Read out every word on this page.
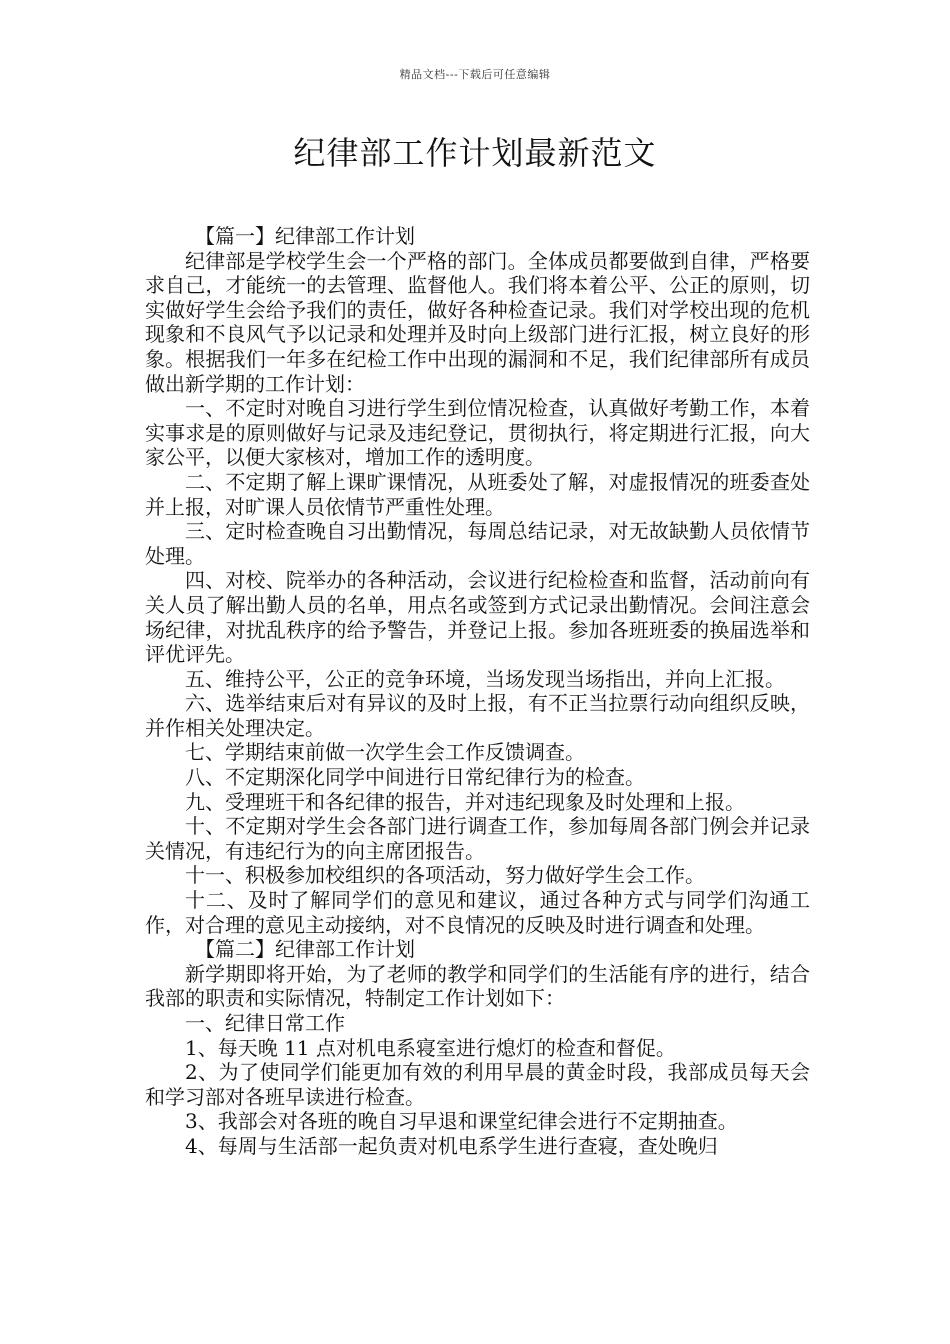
精品文档---下载后可任意编辑
纪律部工作计划最新范文

【篇一】纪律部工作计划

纪律部是学校学生会一个严格的部门。全体成员都要做到自律，严格要求自己，才能统一的去管理、监督他人。我们将本着公平、公正的原则，切实做好学生会给予我们的责任，做好各种检查记录。我们对学校出现的危机现象和不良风气予以记录和处理并及时向上级部门进行汇报，树立良好的形象。根据我们一年多在纪检工作中出现的漏洞和不足，我们纪律部所有成员做出新学期的工作计划：

一、不定时对晚自习进行学生到位情况检查，认真做好考勤工作，本着实事求是的原则做好与记录及违纪登记，贯彻执行，将定期进行汇报，向大家公平，以便大家核对，增加工作的透明度。

二、不定期了解上课旷课情况，从班委处了解，对虚报情况的班委查处并上报，对旷课人员依情节严重性处理。

三、定时检查晚自习出勤情况，每周总结记录，对无故缺勤人员依情节处理。

四、对校、院举办的各种活动，会议进行纪检检查和监督，活动前向有关人员了解出勤人员的名单，用点名或签到方式记录出勤情况。会间注意会场纪律，对扰乱秩序的给予警告，并登记上报。参加各班班委的换届选举和评优评先。

五、维持公平，公正的竞争环境，当场发现当场指出，并向上汇报。

六、选举结束后对有异议的及时上报，有不正当拉票行动向组织反映，并作相关处理决定。

七、学期结束前做一次学生会工作反馈调查。

八、不定期深化同学中间进行日常纪律行为的检查。

九、受理班干和各纪律的报告，并对违纪现象及时处理和上报。

十、不定期对学生会各部门进行调查工作，参加每周各部门例会并记录关情况，有违纪行为的向主席团报告。

十一、积极参加校组织的各项活动，努力做好学生会工作。

十二、及时了解同学们的意见和建议，通过各种方式与同学们沟通工作，对合理的意见主动接纳，对不良情况的反映及时进行调查和处理。

【篇二】纪律部工作计划

新学期即将开始，为了老师的教学和同学们的生活能有序的进行，结合我部的职责和实际情况，特制定工作计划如下：

一、纪律日常工作

1、每天晚 11 点对机电系寝室进行熄灯的检查和督促。

2、为了使同学们能更加有效的利用早晨的黄金时段，我部成员每天会和学习部对各班早读进行检查。

3、我部会对各班的晚自习早退和课堂纪律会进行不定期抽查。

4、每周与生活部一起负责对机电系学生进行查寝，查处晚归
